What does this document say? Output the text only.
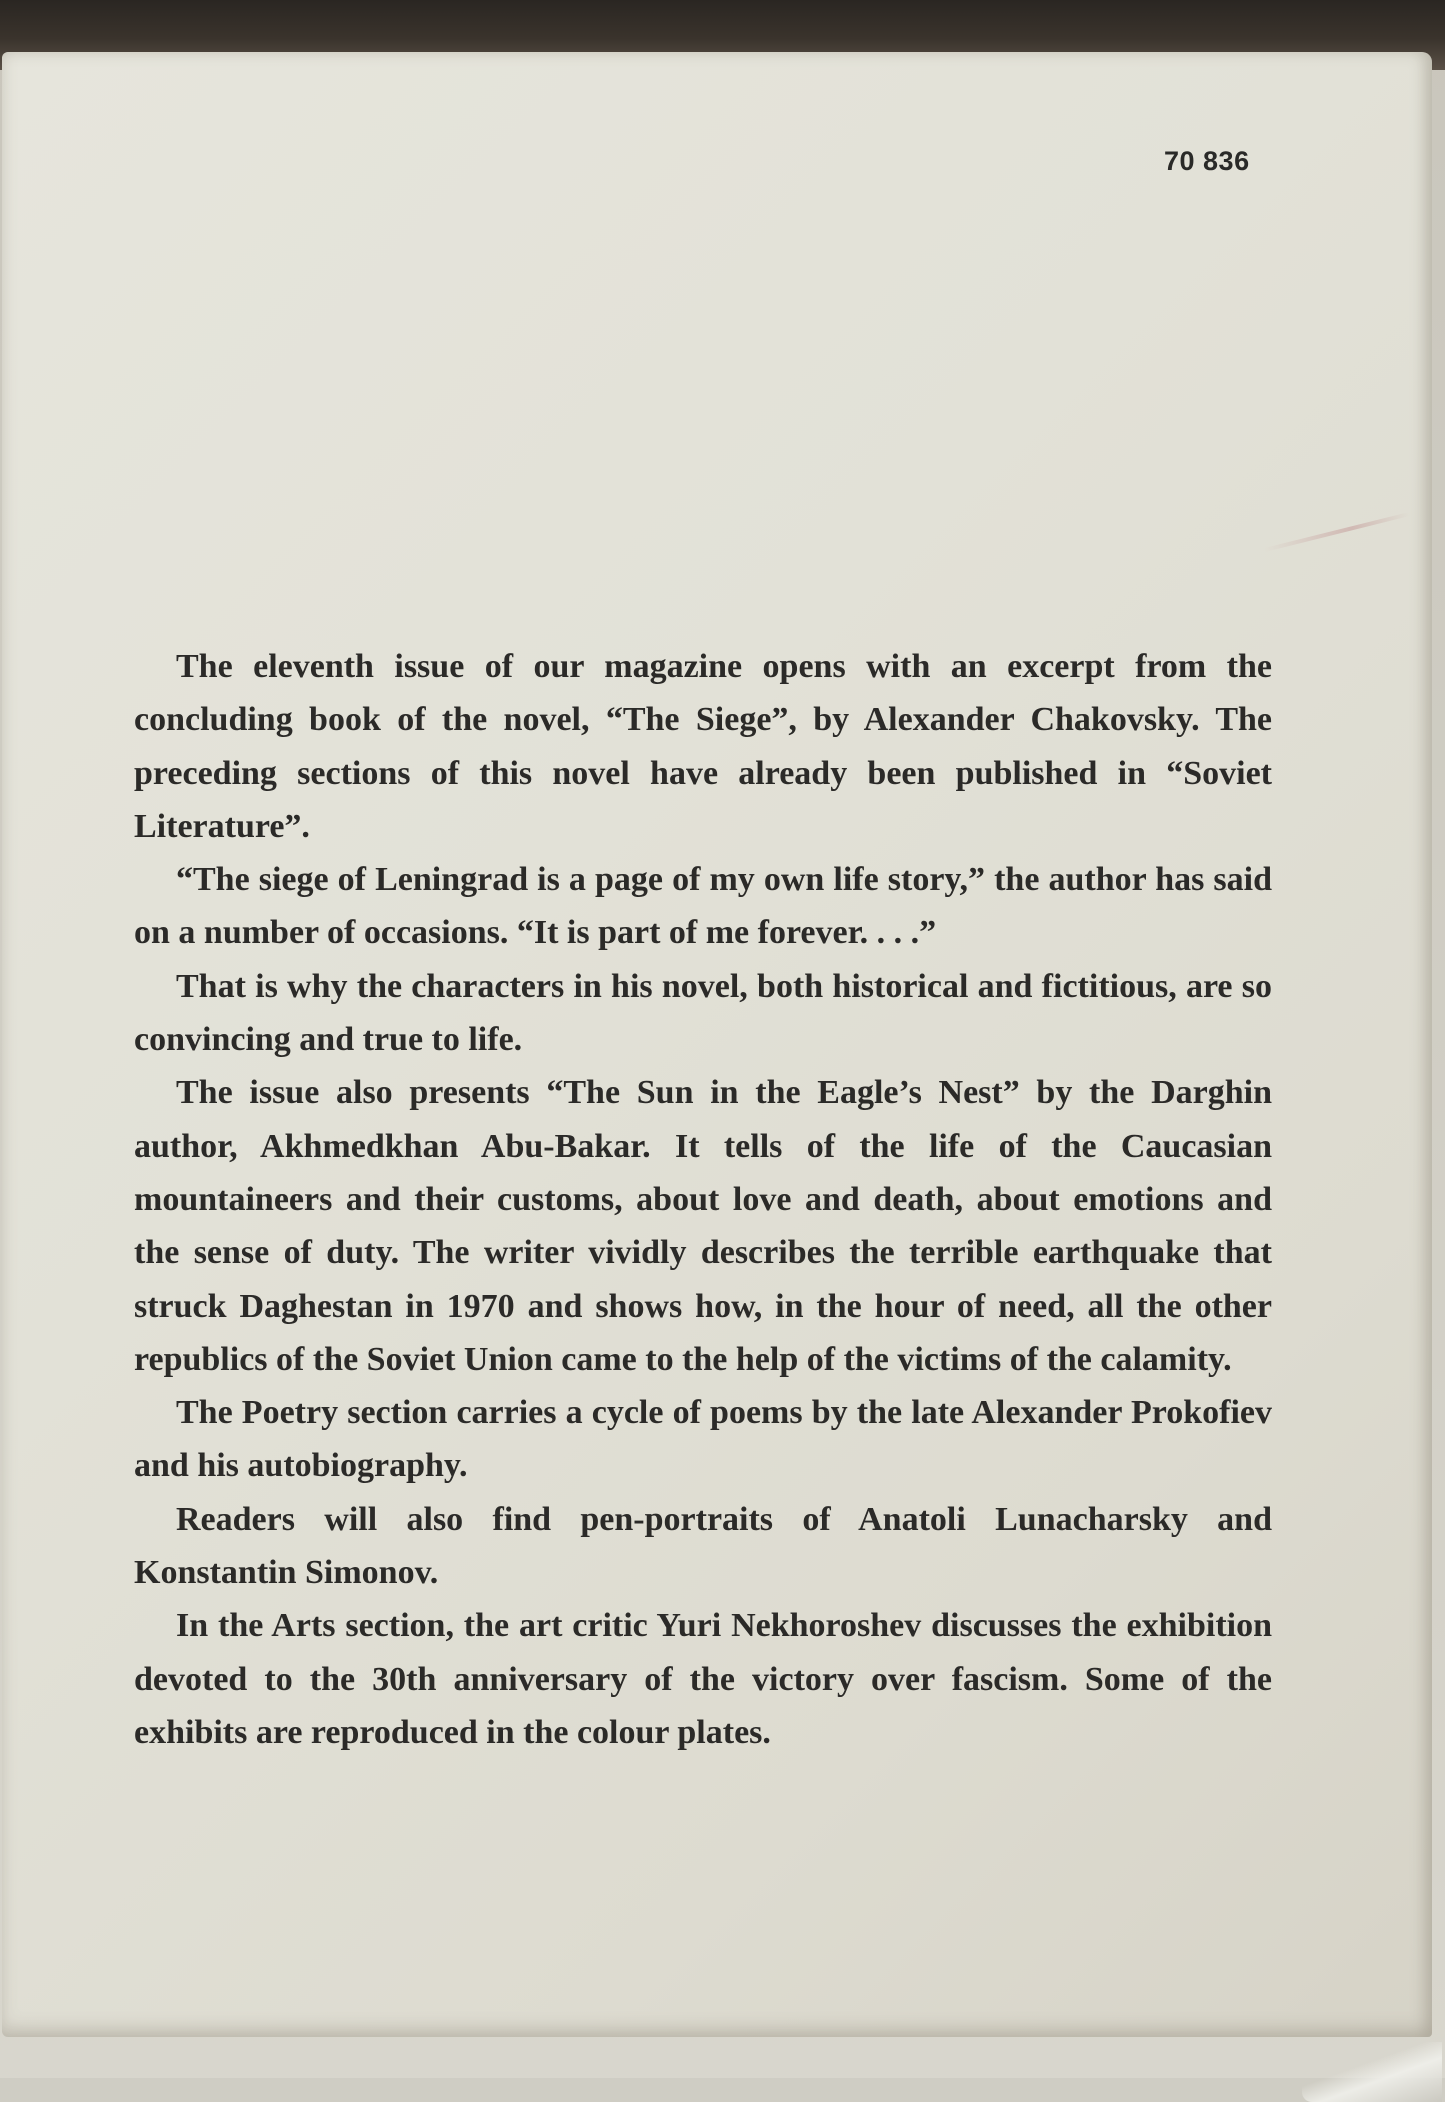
70 836

The eleventh issue of our magazine opens with an excerpt from the concluding book of the novel, “The Siege”, by Alexander Chakovsky. The preceding sections of this novel have already been published in “Soviet Literature”.

“The siege of Leningrad is a page of my own life story,” the author has said on a number of occasions. “It is part of me forever. . . .”

That is why the characters in his novel, both historical and fictitious, are so convincing and true to life.

The issue also presents “The Sun in the Eagle’s Nest” by the Darghin author, Akhmedkhan Abu-Bakar. It tells of the life of the Caucasian mountaineers and their customs, about love and death, about emotions and the sense of duty. The writer vividly describes the terrible earthquake that struck Daghestan in 1970 and shows how, in the hour of need, all the other republics of the Soviet Union came to the help of the victims of the calamity.

The Poetry section carries a cycle of poems by the late Alexander Prokofiev and his autobiography.

Readers will also find pen-portraits of Anatoli Lunacharsky and Konstantin Simonov.

In the Arts section, the art critic Yuri Nekhoroshev discusses the exhibition devoted to the 30th anniversary of the victory over fascism. Some of the exhibits are reproduced in the colour plates.
